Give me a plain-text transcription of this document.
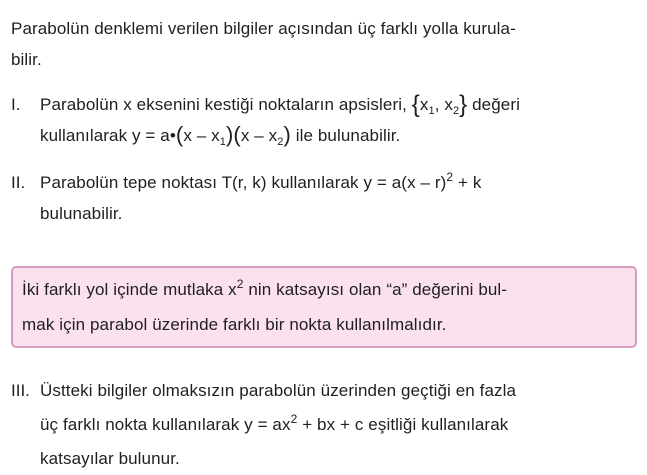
Parabolün denklemi verilen bilgiler açısından üç farklı yolla kurula-
bilir.
I. Parabolün x eksenini kestiği noktaların apsisleri, {$x_1$, $x_2$} değeri
kullanılarak y = a•(x – $x_1)(x - x_2)$ ile bulunabilir.
II. Parabolün tepe noktası T(r, k) kullanılarak y = a(x – r)$^2$ + k
bulunabilir.
İki farklı yol içinde mutlaka $x^2$ nin katsayısı olan “a” değerini bul-
mak için parabol üzerinde farklı bir nokta kullanılmalıdır.
III. Üstteki bilgiler olmaksızın parabolün üzerinden geçtiği en fazla
üç farklı nokta kullanılarak $y = ax^2$ + bx + c eşitliği kullanılarak
katsayılar bulunur.
